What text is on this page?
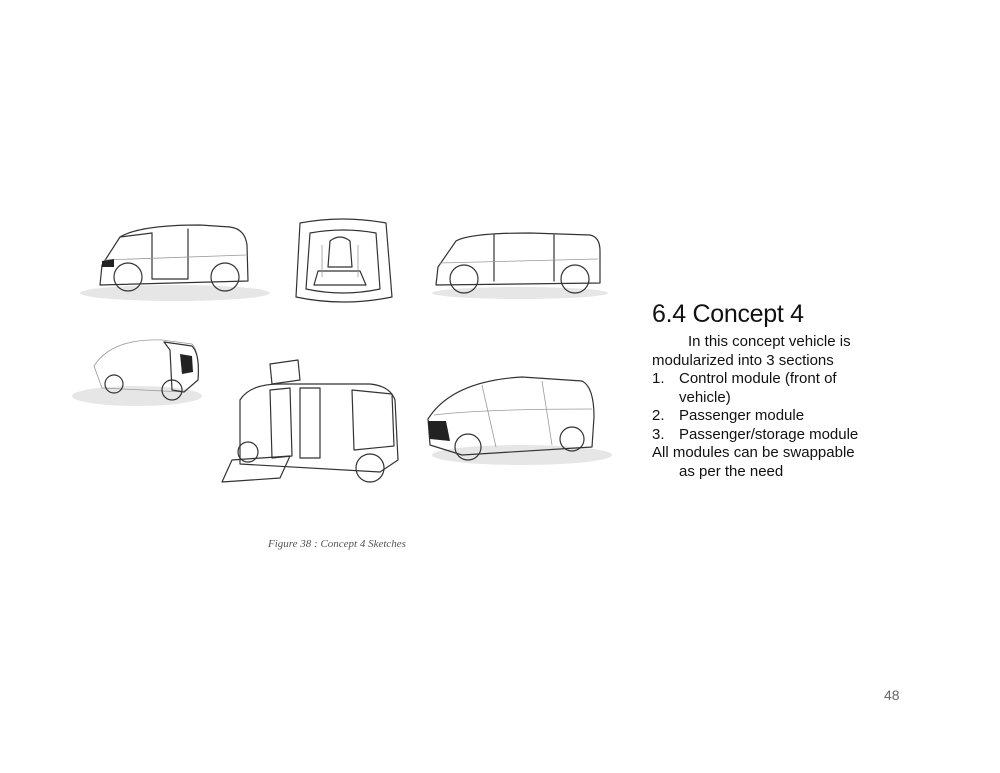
Figure 38 : Concept 4 Sketches
6.4 Concept 4
In this concept vehicle is
modularized into 3 sections
1. Control module (front of
vehicle)
2. Passenger module
3. Passenger/storage module
All modules can be swappable
as per the need
48
